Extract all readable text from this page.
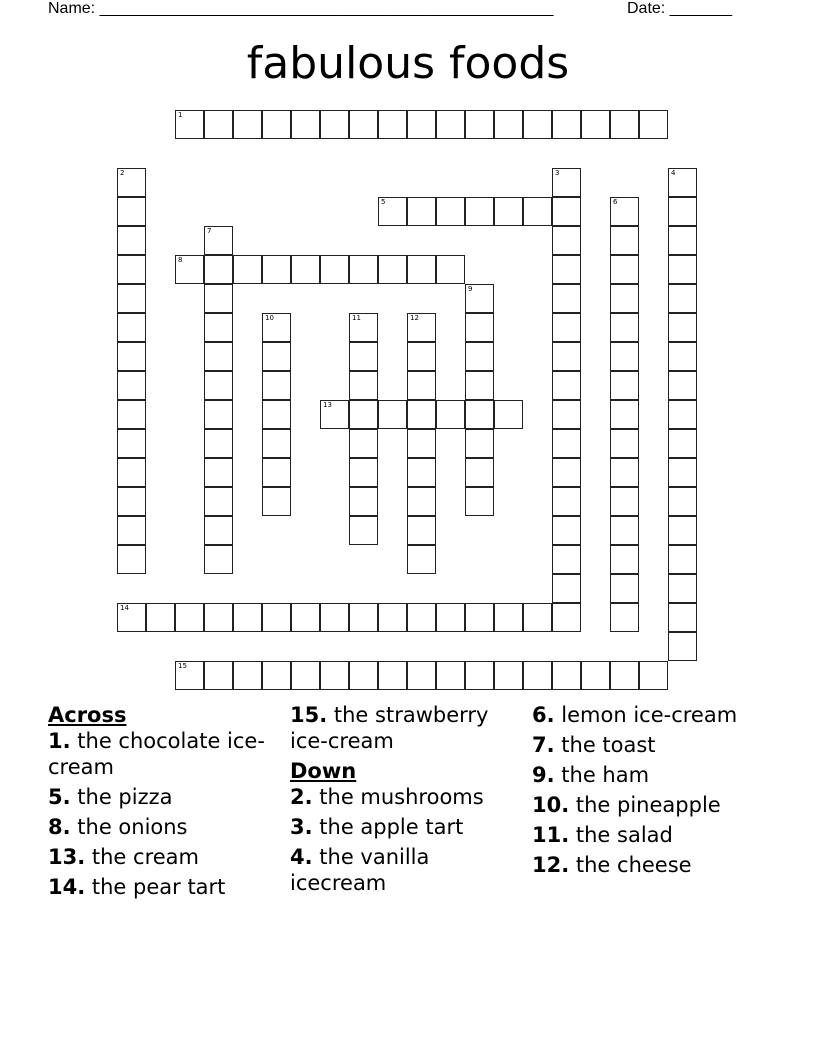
Name: ___________________________________________________	Date: _______
fabulous foods
1
2	3	4
5	6
7
8
9
10	11	12
13
14
15
Across
1. the chocolate ice-cream
5. the pizza
8. the onions
13. the cream
14. the pear tart
15. the strawberry ice-cream
Down
2. the mushrooms
3. the apple tart
4. the vanilla icecream
6. lemon ice-cream
7. the toast
9. the ham
10. the pineapple
11. the salad
12. the cheese
